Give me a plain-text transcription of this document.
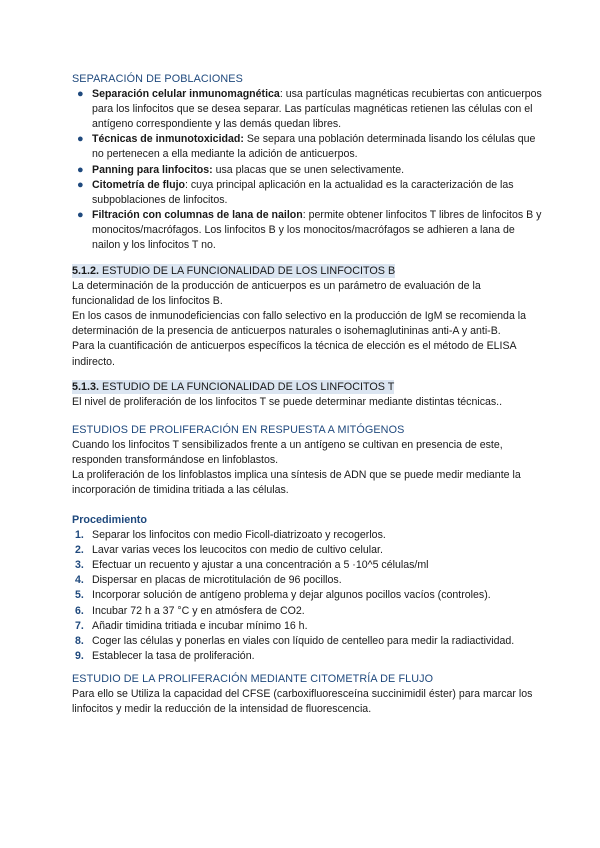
SEPARACIÓN DE POBLACIONES
● Separación celular inmunomagnética: usa partículas magnéticas recubiertas con anticuerpos para los linfocitos que se desea separar. Las partículas magnéticas retienen las células con el antígeno correspondiente y las demás quedan libres.
● Técnicas de inmunotoxicidad: Se separa una población determinada lisando los células que no pertenecen a ella mediante la adición de anticuerpos.
● Panning para linfocitos: usa placas que se unen selectivamente.
● Citometría de flujo: cuya principal aplicación en la actualidad es la caracterización de las subpoblaciones de linfocitos.
● Filtración con columnas de lana de nailon: permite obtener linfocitos T libres de linfocitos B y monocitos/macrófagos. Los linfocitos B y los monocitos/macrófagos se adhieren a lana de nailon y los linfocitos T no.
5.1.2. ESTUDIO DE LA FUNCIONALIDAD DE LOS LINFOCITOS B

La determinación de la producción de anticuerpos es un parámetro de evaluación de la funcionalidad de los linfocitos B.

En los casos de inmunodeficiencias con fallo selectivo en la producción de IgM se recomienda la determinación de la presencia de anticuerpos naturales o isohemaglutininas anti-A y anti-B.

Para la cuantificación de anticuerpos específicos la técnica de elección es el método de ELISA indirecto.

5.1.3. ESTUDIO DE LA FUNCIONALIDAD DE LOS LINFOCITOS T

El nivel de proliferación de los linfocitos T se puede determinar mediante distintas técnicas..

ESTUDIOS DE PROLIFERACIÓN EN RESPUESTA A MITÓGENOS

Cuando los linfocitos T sensibilizados frente a un antígeno se cultivan en presencia de este, responden transformándose en linfoblastos.

La proliferación de los linfoblastos implica una síntesis de ADN que se puede medir mediante la incorporación de timidina tritiada a las células.

Procedimiento
1. Separar los linfocitos con medio Ficoll-diatrizoato y recogerlos.
2. Lavar varias veces los leucocitos con medio de cultivo celular.
3. Efectuar un recuento y ajustar a una concentración a 5 ·10^5 células/ml
4. Dispersar en placas de microtitulación de 96 pocillos.
5. Incorporar solución de antígeno problema y dejar algunos pocillos vacíos (controles).
6. Incubar 72 h a 37 °C y en atmósfera de CO2.
7. Añadir timidina tritiada e incubar mínimo 16 h.
8. Coger las células y ponerlas en viales con líquido de centelleo para medir la radiactividad.
9. Establecer la tasa de proliferación.
ESTUDIO DE LA PROLIFERACIÓN MEDIANTE CITOMETRÍA DE FLUJO

Para ello se Utiliza la capacidad del CFSE (carboxifluoresceína succinimidil éster) para marcar los linfocitos y medir la reducción de la intensidad de fluorescencia.
